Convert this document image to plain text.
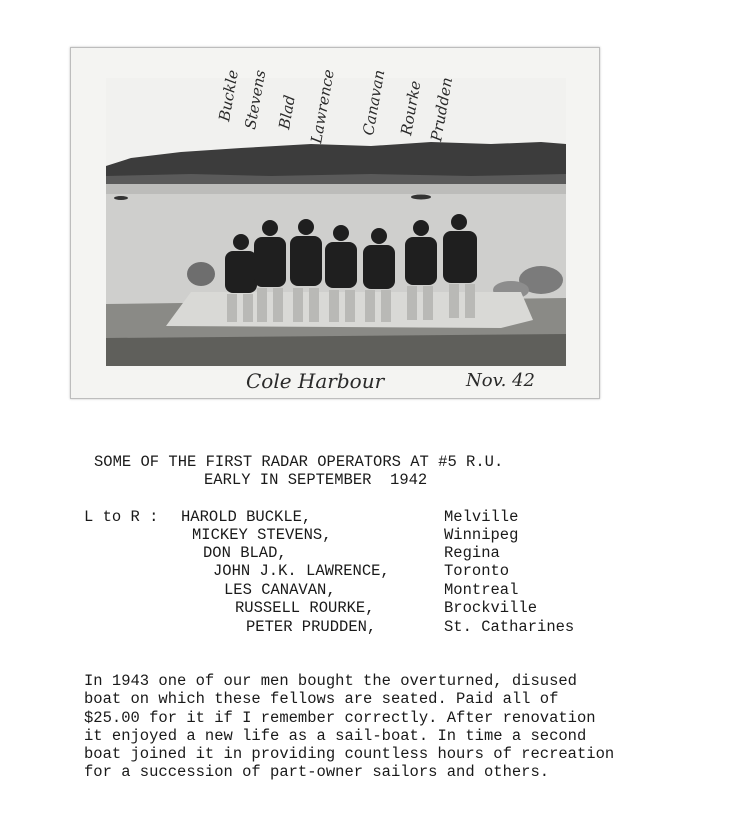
Buckle Stevens Blad Lawrence Canavan Rourke Prudden
Cole Harbour	Nov. 42
SOME OF THE FIRST RADAR OPERATORS AT #5 R.U.
EARLY IN SEPTEMBER  1942
L to R : HAROLD BUCKLE,
MICKEY STEVENS,
DON BLAD,
JOHN J.K. LAWRENCE,
LES CANAVAN,
RUSSELL ROURKE,
PETER PRUDDEN,
Melville
Winnipeg
Regina
Toronto
Montreal
Brockville
St. Catharines
In 1943 one of our men bought the overturned, disused
boat on which these fellows are seated. Paid all of
$25.00 for it if I remember correctly. After renovation
it enjoyed a new life as a sail-boat. In time a second
boat joined it in providing countless hours of recreation
for a succession of part-owner sailors and others.
